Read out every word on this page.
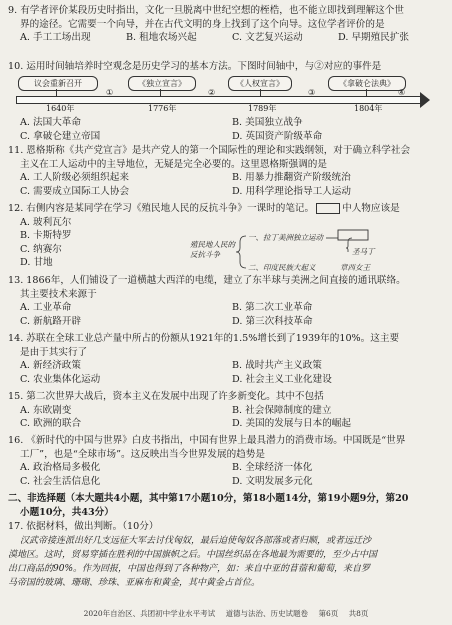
9. 有学者评价某段历史时指出，文化一旦脱离中世纪空想的桎梏，也不能立即找到理解这个世
界的途径。它需要一个向导，并在古代文明的身上找到了这个向导。这位学者评价的是
A. 手工工场出现	B. 租地农场兴起	C. 文艺复兴运动	D. 早期殖民扩张
10. 运用时间轴培养时空观念是历史学习的基本方法。下图时间轴中，与②对应的事件是
议会重新召开	《独立宣言》	《人权宣言》	《拿破仑法典》
①	②	③	④
1640年	1776年	1789年	1804年
A. 法国大革命	B. 美国独立战争
C. 拿破仑建立帝国	D. 英国资产阶级革命
11. 恩格斯称《共产党宣言》是共产党人的第一个国际性的理论和实践纲领，对于确立科学社会
主义在工人运动中的主导地位，无疑是完全必要的。这里恩格斯强调的是
A. 工人阶级必须组织起来	B. 用暴力推翻资产阶级统治
C. 需要成立国际工人协会	D. 用科学理论指导工人运动
12. 右侧内容是某同学在学习《殖民地人民的反抗斗争》一课时的笔记。	中人物应该是
A. 玻利瓦尔
B. 卡斯特罗
C. 纳赛尔
D. 甘地
殖民地人民的反抗斗争
一、拉丁美洲独立运动
二、印度民族大起义
圣马丁
章西女王
13. 1866年，人们铺设了一道横越大西洋的电缆，建立了东半球与美洲之间直接的通讯联络。
其主要技术来源于
A. 工业革命	B. 第二次工业革命
C. 新航路开辟	D. 第三次科技革命
14. 苏联在全球工业总产量中所占的份额从1921年的1.5%增长到了1939年的10%。这主要
是由于其实行了
A. 新经济政策	B. 战时共产主义政策
C. 农业集体化运动	D. 社会主义工业化建设
15. 第二次世界大战后，资本主义在发展中出现了许多新变化。其中不包括
A. 东欧剧变	B. 社会保障制度的建立
C. 欧洲的联合	D. 美国的发展与日本的崛起
16. 《新时代的中国与世界》白皮书指出，中国有世界上最具潜力的消费市场。中国既是“世界
工厂”，也是“全球市场”。这反映出当今世界发展的趋势是
A. 政治格局多极化	B. 全球经济一体化
C. 社会生活信息化	D. 文明发展多元化
二、非选择题（本大题共4小题，其中第17小题10分，第18小题14分，第19小题9分，第20
小题10分，共43分）
17. 依据材料，做出判断。（10分）
汉武帝接连派出好几支远征大军去讨伐匈奴，最后迫使匈奴各部落或者归顺，或者远迁沙
漠地区。这时，贸易穿插在胜利的中国旗帜之后。中国丝织品在各地最为需要的，至少占中国
出口商品的90%。作为回报，中国也得到了各种物产，如：来自中亚的苜蓿和葡萄，来自罗
马帝国的玻璃、珊瑚、珍珠、亚麻布和黄金，其中黄金占首位。
2020年自治区、兵团初中学业水平考试 道德与法治、历史试题卷 第6页 共8页
